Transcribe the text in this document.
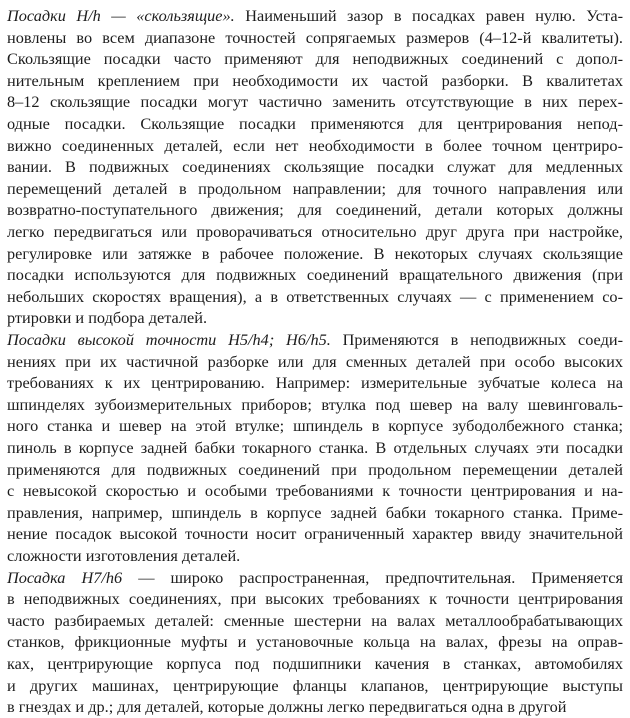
Посадки H/h — «скользящие». Наименьший зазор в посадках равен нулю. Уста-
новлены во всем диапазоне точностей сопрягаемых размеров (4–12-й квалитеты).
Скользящие посадки часто применяют для неподвижных соединений с допол-
нительным креплением при необходимости их частой разборки. В квалитетах
8–12 скользящие посадки могут частично заменить отсутствующие в них перех-
одные посадки. Скользящие посадки применяются для центрирования непод-
вижно соединенных деталей, если нет необходимости в более точном центриро-
вании. В подвижных соединениях скользящие посадки служат для медленных
перемещений деталей в продольном направлении; для точного направления или
возвратно-поступательного движения; для соединений, детали которых должны
легко передвигаться или проворачиваться относительно друг друга при настройке,
регулировке или затяжке в рабочее положение. В некоторых случаях скользящие
посадки используются для подвижных соединений вращательного движения (при
небольших скоростях вращения), а в ответственных случаях — с применением со-
ртировки и подбора деталей.
Посадки высокой точности H5/h4; H6/h5. Применяются в неподвижных соеди-
нениях при их частичной разборке или для сменных деталей при особо высоких
требованиях к их центрированию. Например: измерительные зубчатые колеса на
шпинделях зубоизмерительных приборов; втулка под шевер на валу шевинговаль-
ного станка и шевер на этой втулке; шпиндель в корпусе зубодолбежного станка;
пиноль в корпусе задней бабки токарного станка. В отдельных случаях эти посадки
применяются для подвижных соединений при продольном перемещении деталей
с невысокой скоростью и особыми требованиями к точности центрирования и на-
правления, например, шпиндель в корпусе задней бабки токарного станка. Приме-
нение посадок высокой точности носит ограниченный характер ввиду значительной
сложности изготовления деталей.
Посадка H7/h6 — широко распространенная, предпочтительная. Применяется
в неподвижных соединениях, при высоких требованиях к точности центрирования
часто разбираемых деталей: сменные шестерни на валах металлообрабатывающих
станков, фрикционные муфты и установочные кольца на валах, фрезы на оправ-
ках, центрирующие корпуса под подшипники качения в станках, автомобилях
и других машинах, центрирующие фланцы клапанов, центрирующие выступы
в гнездах и др.; для деталей, которые должны легко передвигаться одна в другой
